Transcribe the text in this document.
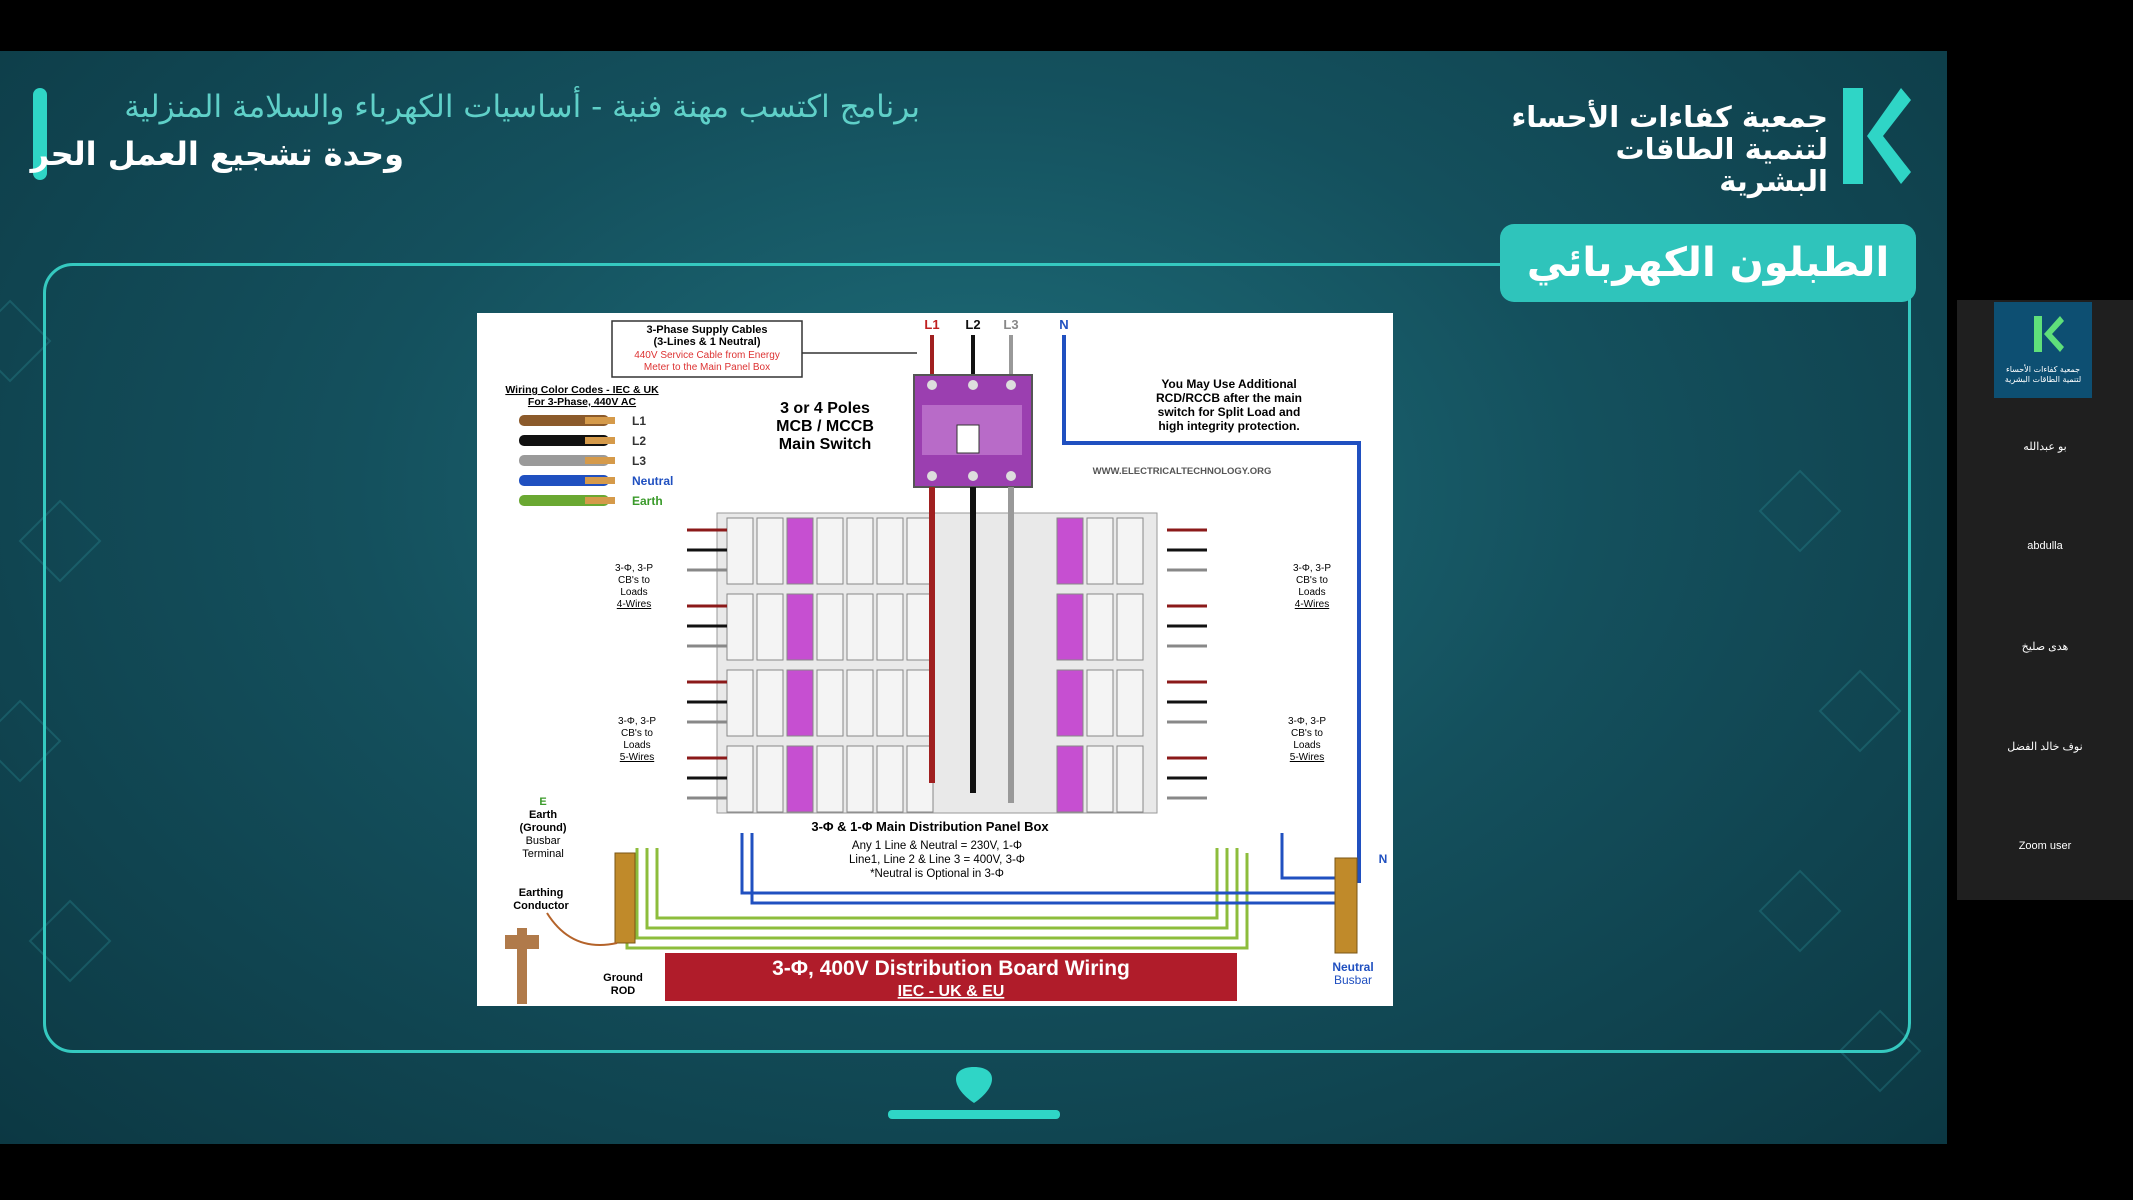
برنامج اكتسب مهنة فنية - أساسيات الكهرباء والسلامة المنزلية
وحدة تشجيع العمل الحر
جمعية كفاءات الأحساء
لتنمية الطاقات البشرية
الطبلون الكهربائي
3-Phase Supply Cables
(3-Lines & 1 Neutral)
440V Service Cable from Energy
Meter to the Main Panel Box
Wiring Color Codes - IEC & UK
For 3-Phase, 440V AC
L1
L2
L3
Neutral
Earth
L1 L2 L3	N
3 or 4 Poles
MCB / MCCB
Main Switch
You May Use Additional
RCD/RCCB after the main
switch for Split Load and
high integrity protection.
WWW.ELECTRICALTECHNOLOGY.ORG
3-Φ, 3-P
CB's to
Loads
4-Wires
3-Φ, 3-P
CB's to
Loads
4-Wires
3-Φ, 3-P
CB's to
Loads
5-Wires
3-Φ, 3-P
CB's to
Loads
5-Wires
3-Φ & 1-Φ Main Distribution Panel Box
Any 1 Line & Neutral = 230V, 1-Φ
Line1, Line 2 & Line 3 = 400V, 3-Φ
*Neutral is Optional in 3-Φ
E
Earth
(Ground)
Busbar
Terminal
Earthing
Conductor
Ground
ROD
N
Neutral
Busbar
3-Φ, 400V Distribution Board Wiring
IEC - UK & EU
جمعية كفاءات الأحساء
لتنمية الطاقات البشرية
بو عبدالله
abdulla
هدى صليخ
نوف خالد الفضل
Zoom user
